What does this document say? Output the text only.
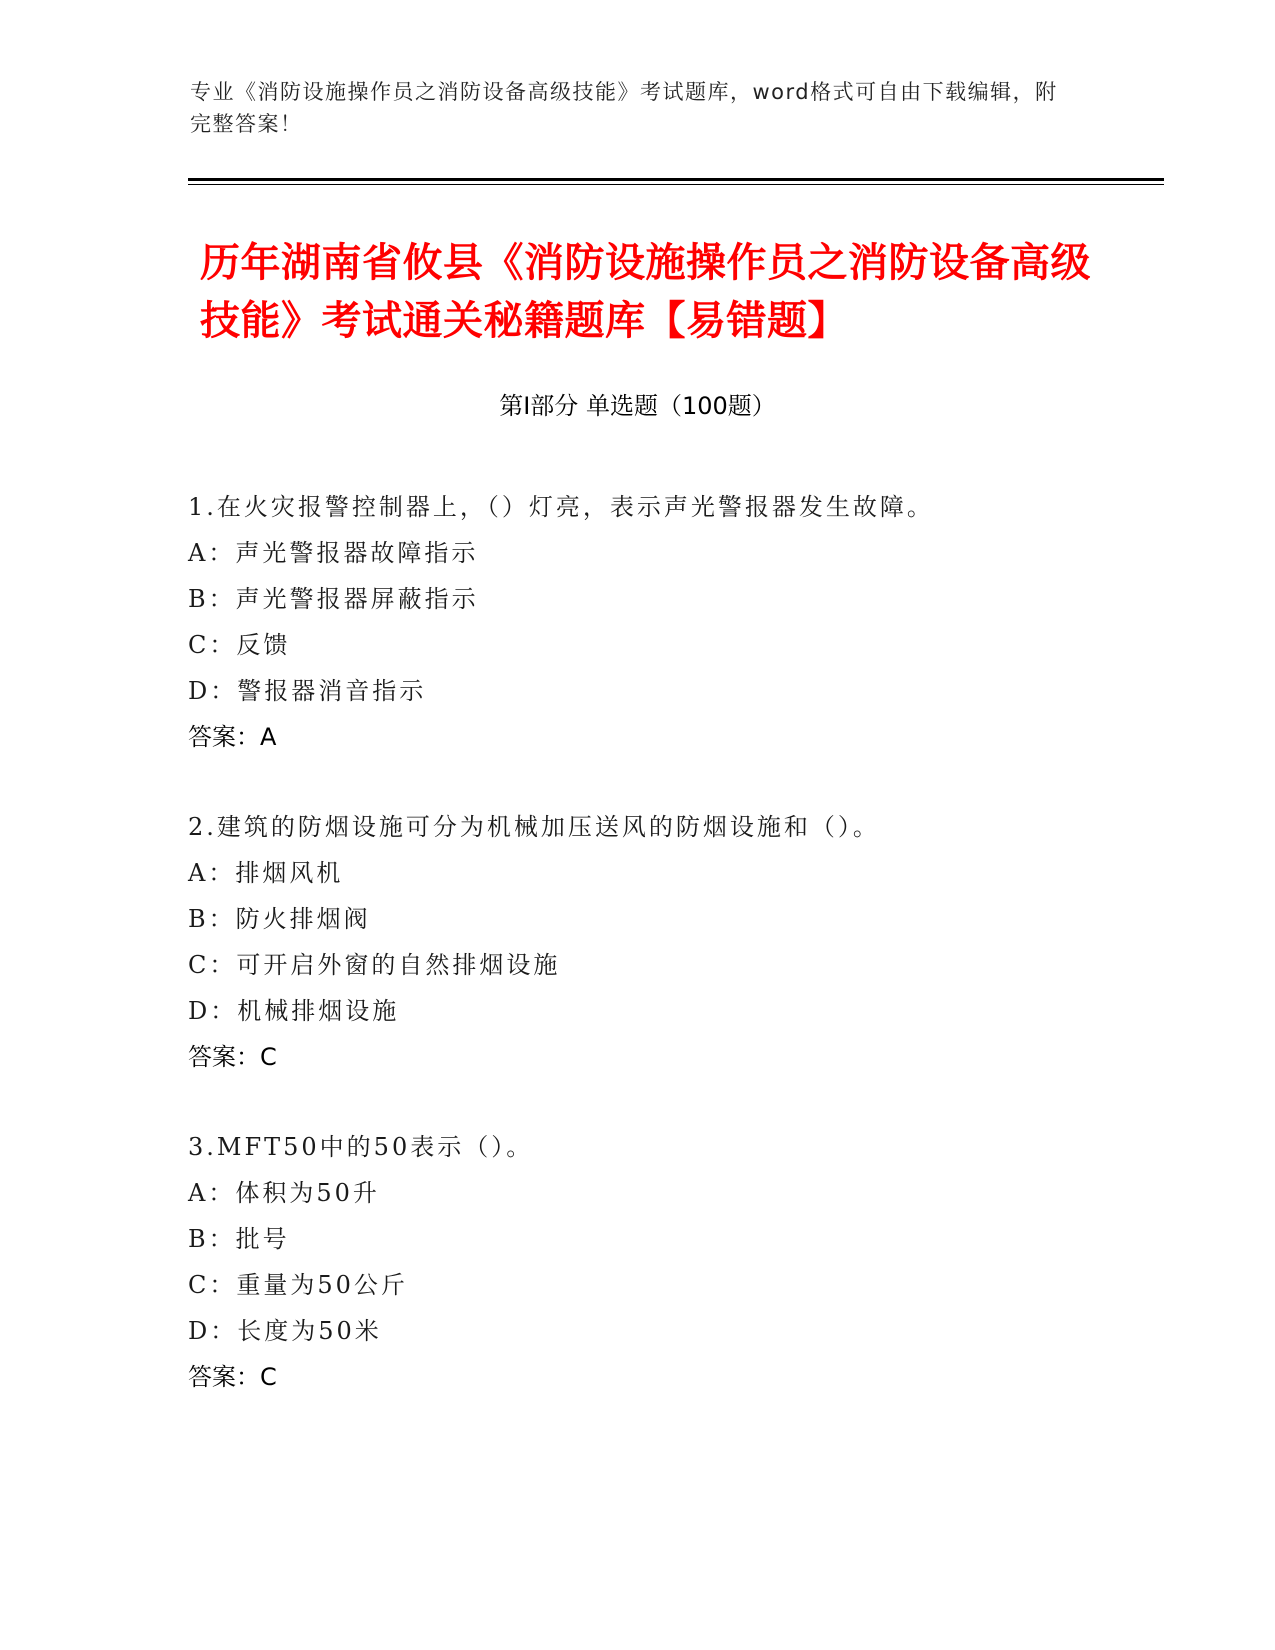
专业《消防设施操作员之消防设备高级技能》考试题库，word格式可自由下载编辑，附完整答案！
历年湖南省攸县《消防设施操作员之消防设备高级技能》考试通关秘籍题库【易错题】
第Ⅰ部分 单选题（100题）
1.在火灾报警控制器上，（）灯亮，表示声光警报器发生故障。
A：声光警报器故障指示
B：声光警报器屏蔽指示
C：反馈
D：警报器消音指示
答案：A
2.建筑的防烟设施可分为机械加压送风的防烟设施和（）。
A：排烟风机
B：防火排烟阀
C：可开启外窗的自然排烟设施
D：机械排烟设施
答案：C
3.MFT50中的50表示（）。
A：体积为50升
B：批号
C：重量为50公斤
D：长度为50米
答案：C
